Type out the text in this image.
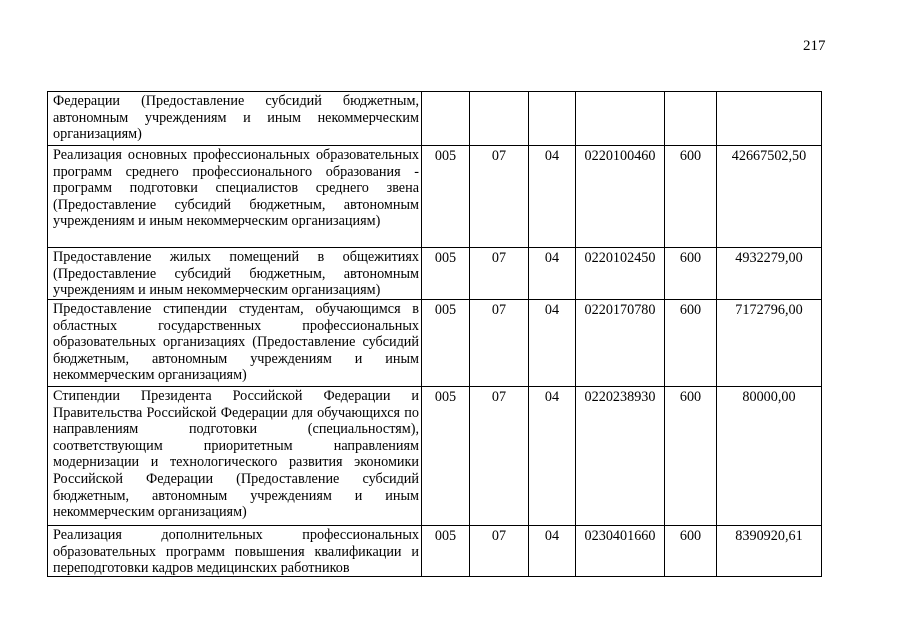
217
Федерации (Предоставление субсидий бюджетным, автономным учреждениям и иным некоммерческим организациям)						
Реализация основных профессиональных образовательных программ среднего профессионального образования - программ подготовки специалистов среднего звена (Предоставление субсидий бюджетным, автономным учреждениям и иным некоммерческим организациям)	005	07	04	0220100460	600	42667502,50
Предоставление жилых помещений в общежитиях (Предоставление субсидий бюджетным, автономным учреждениям и иным некоммерческим организациям)	005	07	04	0220102450	600	4932279,00
Предоставление стипендии студентам, обучающимся в областных государственных профессиональных образовательных организациях (Предоставление субсидий бюджетным, автономным учреждениям и иным некоммерческим организациям)	005	07	04	0220170780	600	7172796,00
Стипендии Президента Российской Федерации и Правительства Российской Федерации для обучающихся по направлениям подготовки (специальностям), соответствующим приоритетным направлениям модернизации и технологического развития экономики Российской Федерации (Предоставление субсидий бюджетным, автономным учреждениям и иным некоммерческим организациям)	005	07	04	0220238930	600	80000,00

Реализация дополнительных профессиональных образовательных программ повышения квалификации и переподготовки кадров медицинских работников	005	07	04	0230401660	600	8390920,61
